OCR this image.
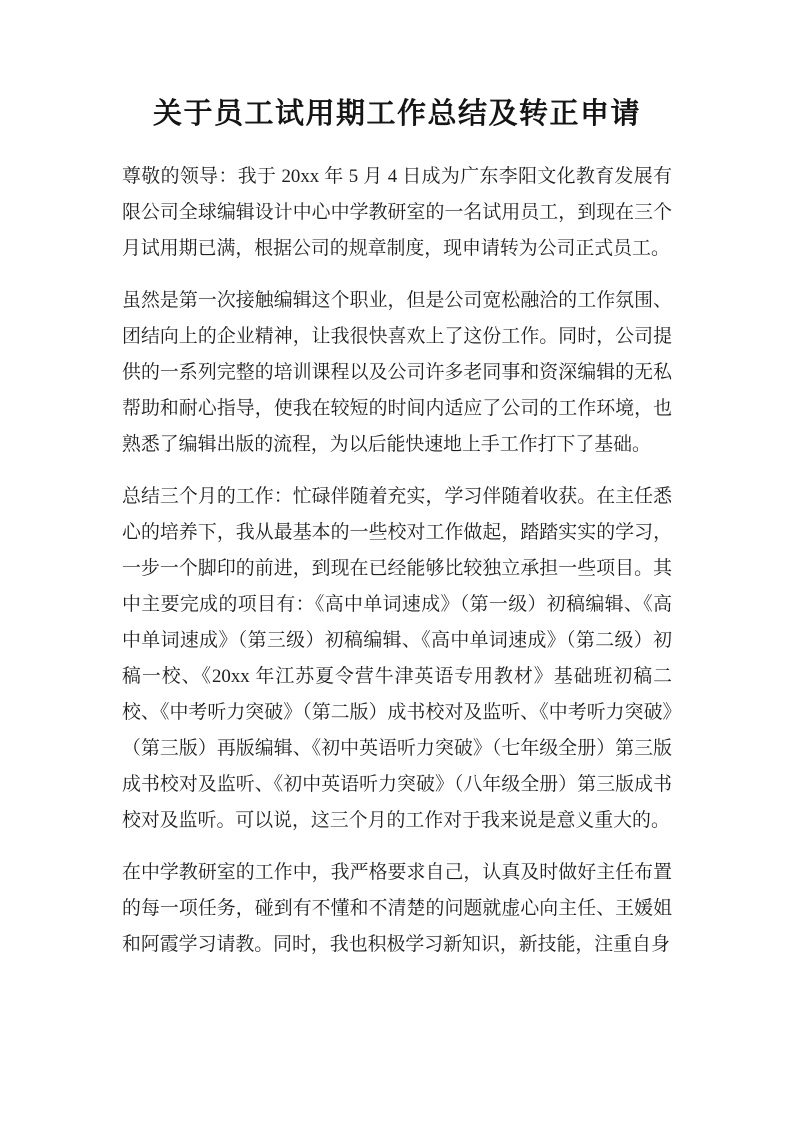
关于员工试用期工作总结及转正申请

尊敬的领导：我于 20xx 年 5 月 4 日成为广东李阳文化教育发展有限公司全球编辑设计中心中学教研室的一名试用员工，到现在三个月试用期已满，根据公司的规章制度，现申请转为公司正式员工。

虽然是第一次接触编辑这个职业，但是公司宽松融洽的工作氛围、团结向上的企业精神，让我很快喜欢上了这份工作。同时，公司提供的一系列完整的培训课程以及公司许多老同事和资深编辑的无私帮助和耐心指导，使我在较短的时间内适应了公司的工作环境，也熟悉了编辑出版的流程，为以后能快速地上手工作打下了基础。

总结三个月的工作：忙碌伴随着充实，学习伴随着收获。在主任悉心的培养下，我从最基本的一些校对工作做起，踏踏实实的学习，一步一个脚印的前进，到现在已经能够比较独立承担一些项目。其中主要完成的项目有：《高中单词速成》（第一级）初稿编辑、《高中单词速成》（第三级）初稿编辑、《高中单词速成》（第二级）初稿一校、《20xx 年江苏夏令营牛津英语专用教材》基础班初稿二校、《中考听力突破》（第二版）成书校对及监听、《中考听力突破》（第三版）再版编辑、《初中英语听力突破》（七年级全册）第三版成书校对及监听、《初中英语听力突破》（八年级全册）第三版成书校对及监听。可以说，这三个月的工作对于我来说是意义重大的。

在中学教研室的工作中，我严格要求自己，认真及时做好主任布置的每一项任务，碰到有不懂和不清楚的问题就虚心向主任、王媛姐和阿霞学习请教。同时，我也积极学习新知识，新技能，注重自身
